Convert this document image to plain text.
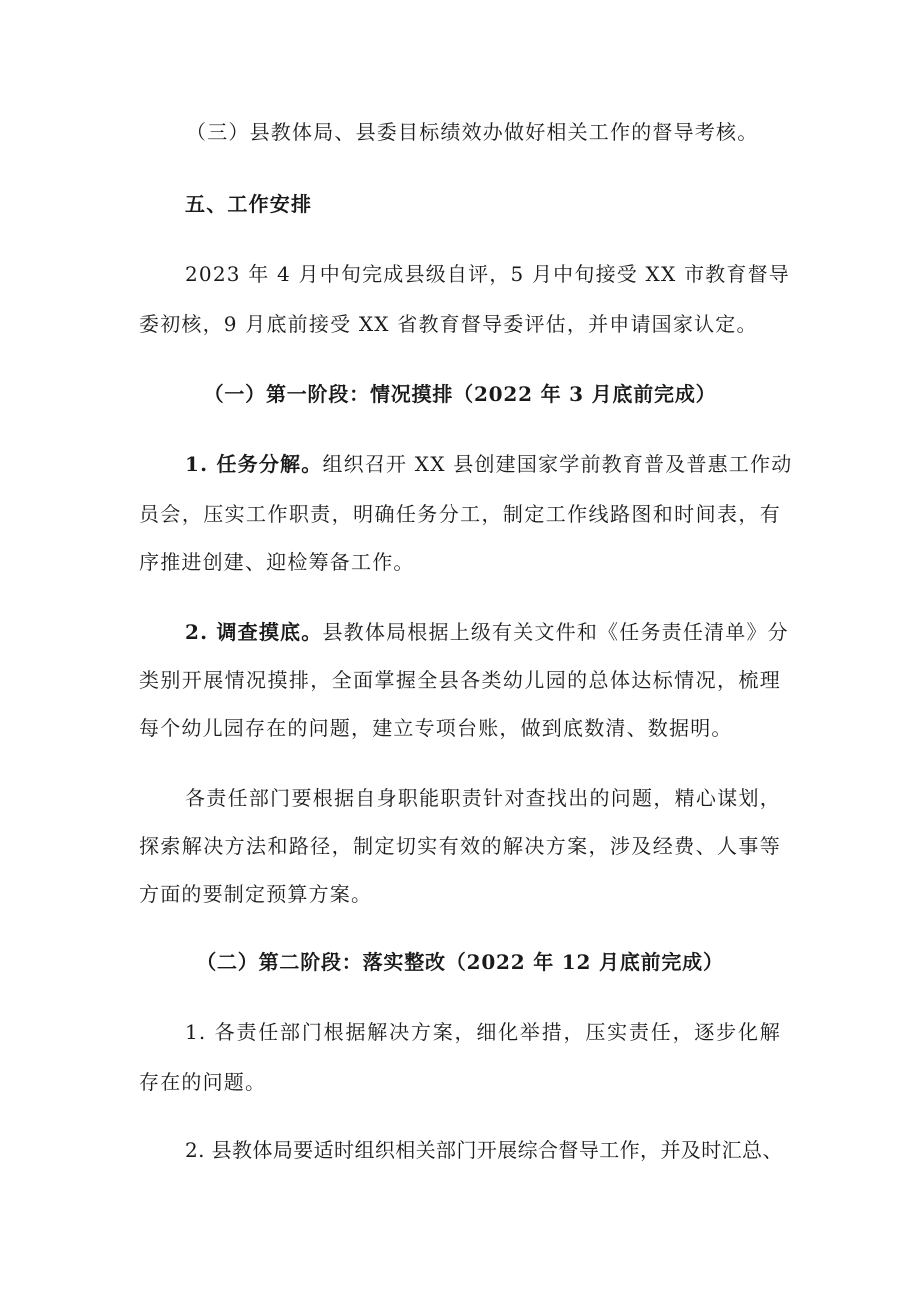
（三）县教体局、县委目标绩效办做好相关工作的督导考核。
五、工作安排
2023 年 4 月中旬完成县级自评，5 月中旬接受 XX 市教育督导
委初核，9 月底前接受 XX 省教育督导委评估，并申请国家认定。
（一）第一阶段：情况摸排（2022 年 3 月底前完成）
1. 任务分解。组织召开 XX 县创建国家学前教育普及普惠工作动
员会，压实工作职责，明确任务分工，制定工作线路图和时间表，有
序推进创建、迎检筹备工作。
2. 调查摸底。县教体局根据上级有关文件和《任务责任清单》分
类别开展情况摸排，全面掌握全县各类幼儿园的总体达标情况，梳理
每个幼儿园存在的问题，建立专项台账，做到底数清、数据明。
各责任部门要根据自身职能职责针对查找出的问题，精心谋划，
探索解决方法和路径，制定切实有效的解决方案，涉及经费、人事等
方面的要制定预算方案。
（二）第二阶段：落实整改（2022 年 12 月底前完成）
1. 各责任部门根据解决方案，细化举措，压实责任，逐步化解
存在的问题。
2. 县教体局要适时组织相关部门开展综合督导工作，并及时汇总、
